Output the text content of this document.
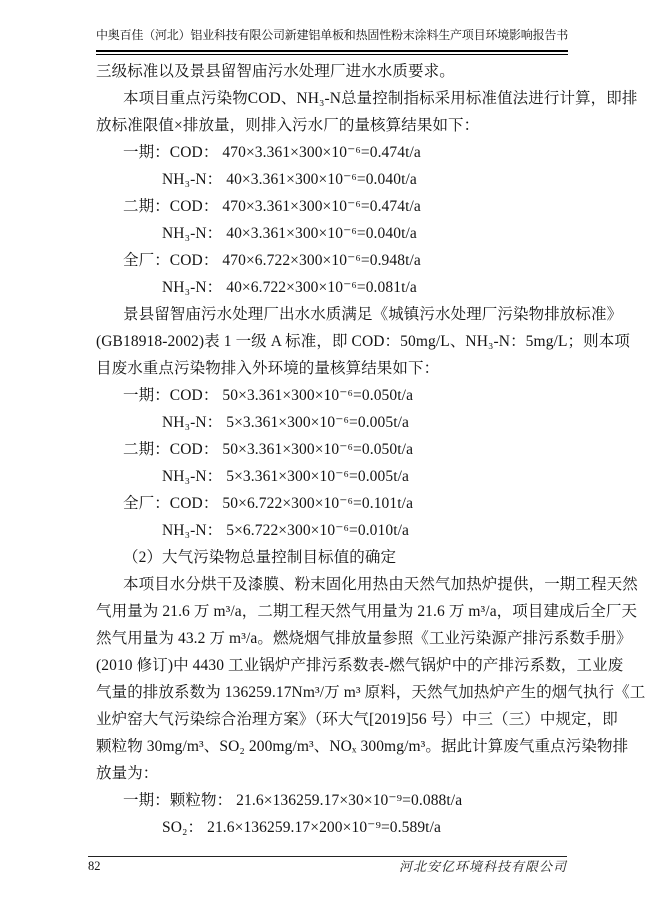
中奥百佳（河北）铝业科技有限公司新建铝单板和热固性粉末涂料生产项目环境影响报告书
三级标准以及景县留智庙污水处理厂进水水质要求。
本项目重点污染物COD、NH₃-N总量控制指标采用标准值法进行计算，即排
放标准限值×排放量，则排入污水厂的量核算结果如下：
一期：COD： 470×3.361×300×10⁻⁶=0.474t/a
NH₃-N： 40×3.361×300×10⁻⁶=0.040t/a
二期：COD： 470×3.361×300×10⁻⁶=0.474t/a
NH₃-N： 40×3.361×300×10⁻⁶=0.040t/a
全厂：COD： 470×6.722×300×10⁻⁶=0.948t/a
NH₃-N： 40×6.722×300×10⁻⁶=0.081t/a
景县留智庙污水处理厂出水水质满足《城镇污水处理厂污染物排放标准》
(GB18918-2002)表 1 一级 A 标准，即 COD：50mg/L、NH₃-N：5mg/L；则本项
目废水重点污染物排入外环境的量核算结果如下：
一期：COD： 50×3.361×300×10⁻⁶=0.050t/a
NH₃-N： 5×3.361×300×10⁻⁶=0.005t/a
二期：COD： 50×3.361×300×10⁻⁶=0.050t/a
NH₃-N： 5×3.361×300×10⁻⁶=0.005t/a
全厂：COD： 50×6.722×300×10⁻⁶=0.101t/a
NH₃-N： 5×6.722×300×10⁻⁶=0.010t/a
（2）大气污染物总量控制目标值的确定
本项目水分烘干及漆膜、粉末固化用热由天然气加热炉提供，一期工程天然
气用量为 21.6 万 m³/a，二期工程天然气用量为 21.6 万 m³/a，项目建成后全厂天
然气用量为 43.2 万 m³/a。燃烧烟气排放量参照《工业污染源产排污系数手册》
(2010 修订)中 4430 工业锅炉产排污系数表-燃气锅炉中的产排污系数，工业废
气量的排放系数为 136259.17Nm³/万 m³ 原料，天然气加热炉产生的烟气执行《工
业炉窑大气污染综合治理方案》（环大气[2019]56 号）中三（三）中规定，即
颗粒物 30mg/m³、SO₂ 200mg/m³、NOₓ 300mg/m³。据此计算废气重点污染物排
放量为：
一期：颗粒物： 21.6×136259.17×30×10⁻⁹=0.088t/a
SO₂： 21.6×136259.17×200×10⁻⁹=0.589t/a
82	河北安亿环境科技有限公司
